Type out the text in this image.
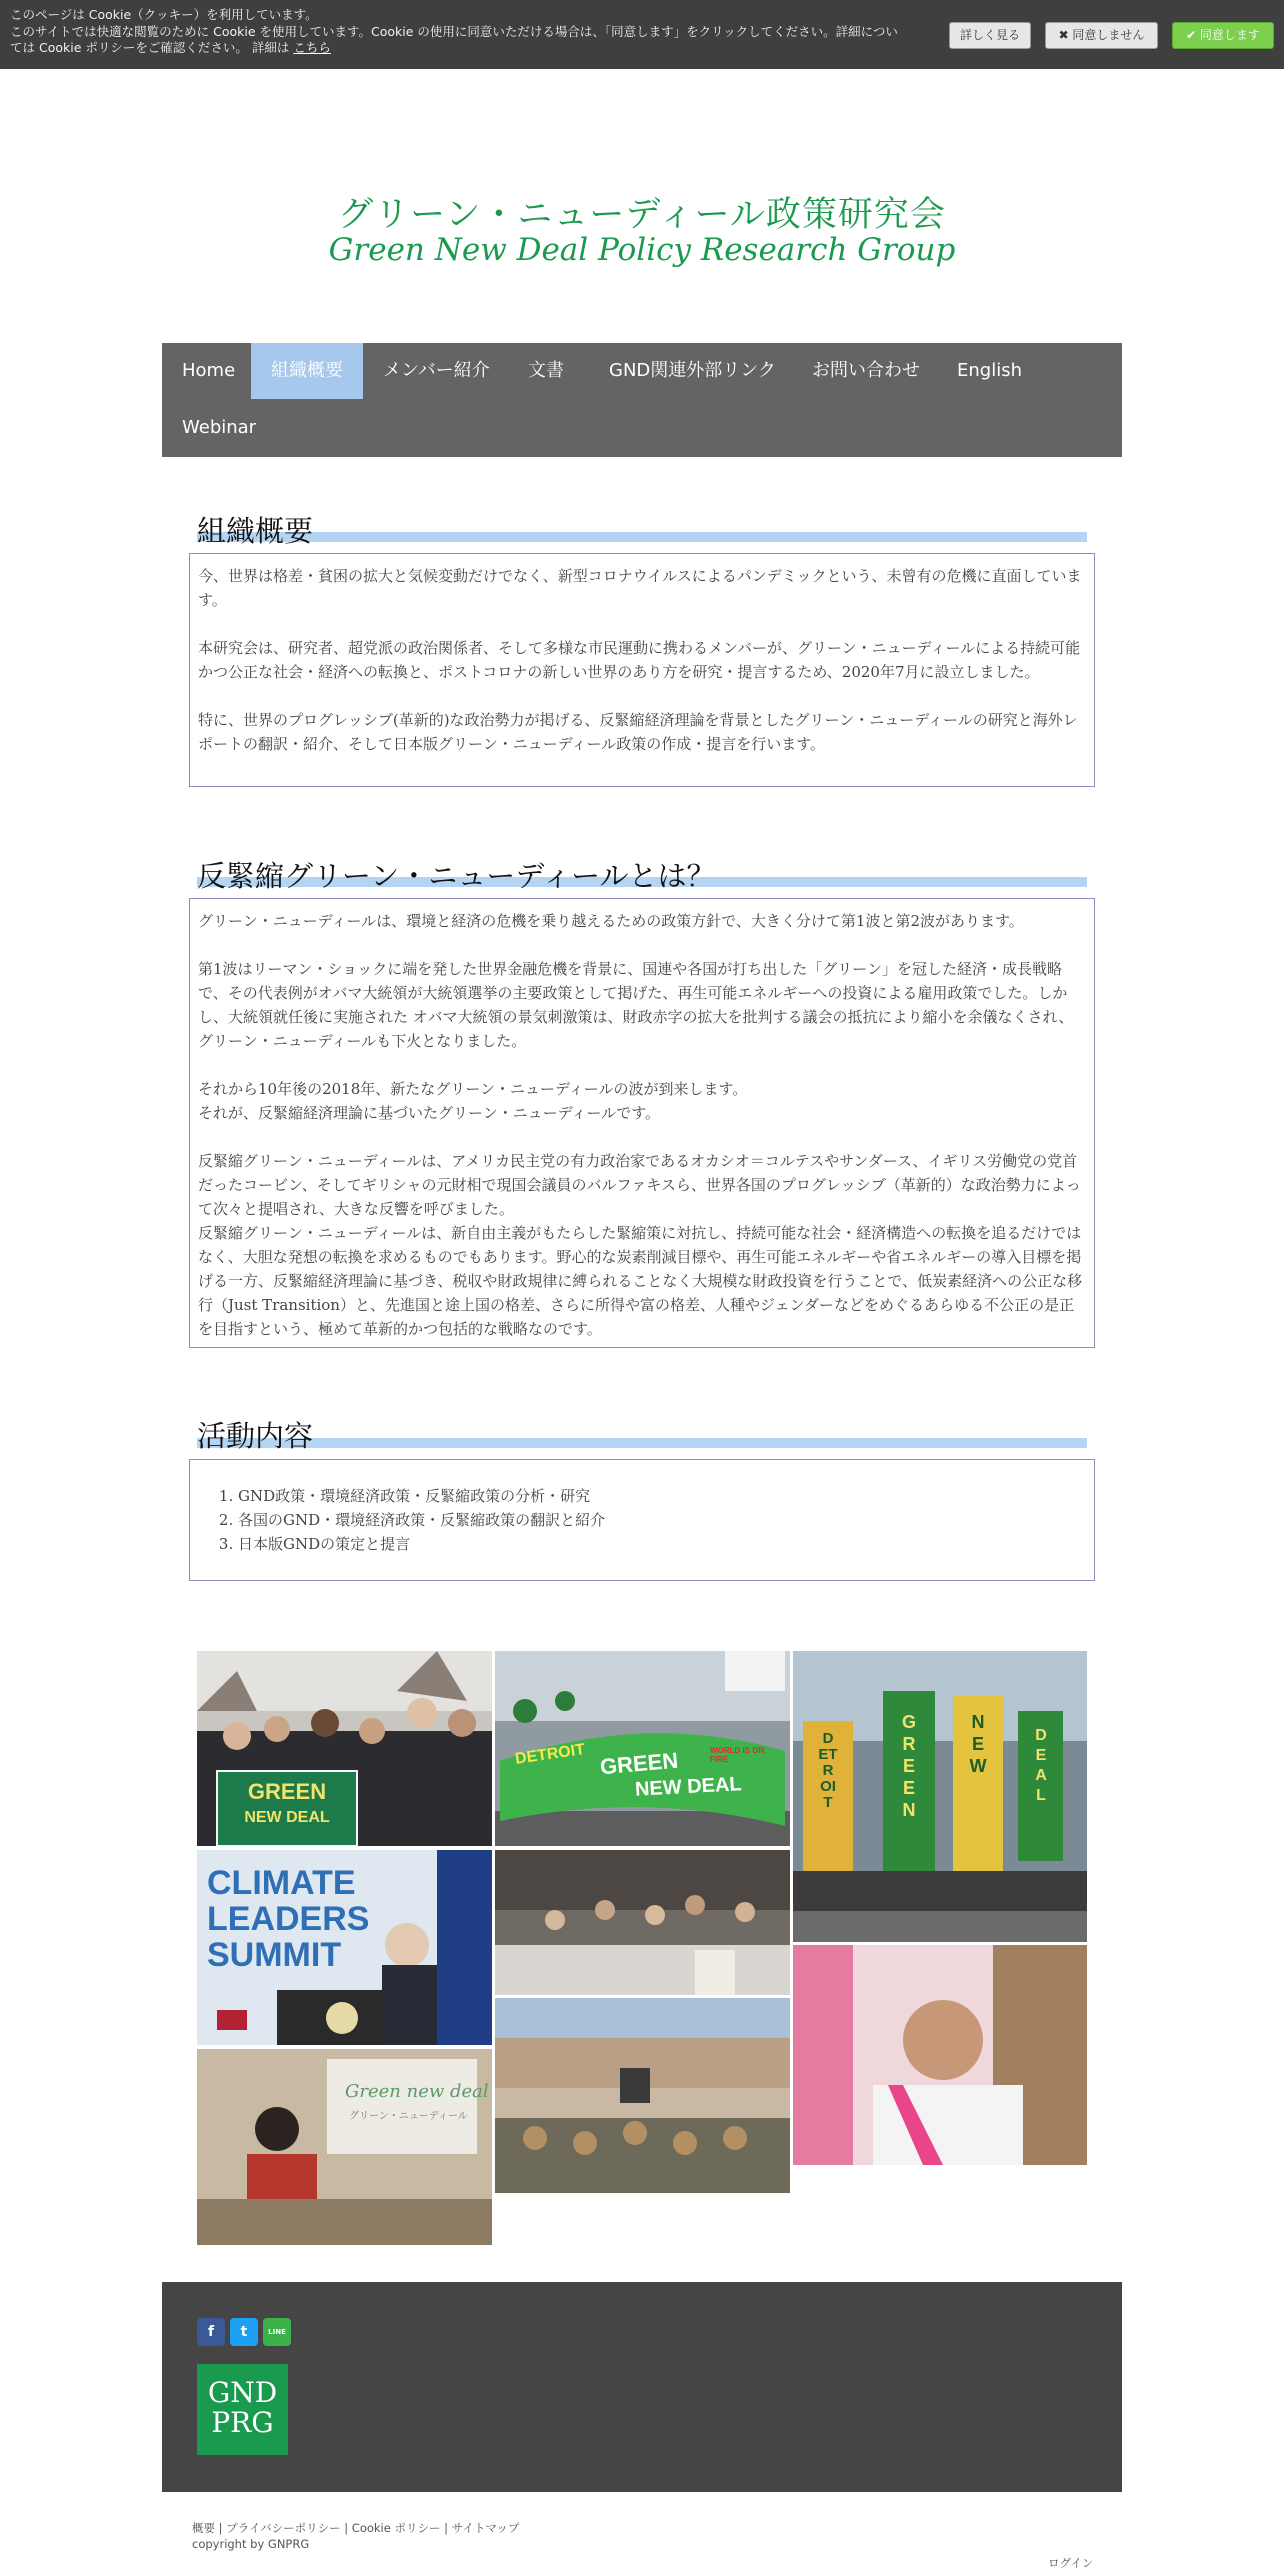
このページは Cookie（クッキー）を利用しています。
このサイトでは快適な閲覧のために Cookie を使用しています。Cookie の使用に同意いただける場合は、「同意します」をクリックしてください。詳細につい
ては Cookie ポリシーをご確認ください。 詳細は こちら
詳しく見る	✖ 同意しません	✔ 同意します
グリーン・ニューディール政策研究会
Green New Deal Policy Research Group
Home	組織概要	メンバー紹介	文書	GND関連外部リンク	お問い合わせ	English
Webinar
組織概要

今、世界は格差・貧困の拡大と気候変動だけでなく、新型コロナウイルスによるパンデミックという、未曾有の危機に直面しています。

本研究会は、研究者、超党派の政治関係者、そして多様な市民運動に携わるメンバーが、グリーン・ニューディールによる持続可能かつ公正な社会・経済への転換と、ポストコロナの新しい世界のあり方を研究・提言するため、2020年7月に設立しました。

特に、世界のプログレッシブ(革新的)な政治勢力が掲げる、反緊縮経済理論を背景としたグリーン・ニューディールの研究と海外レポートの翻訳・紹介、そして日本版グリーン・ニューディール政策の作成・提言を行います。

反緊縮グリーン・ニューディールとは？

グリーン・ニューディールは、環境と経済の危機を乗り越えるための政策方針で、大きく分けて第1波と第2波があります。

第1波はリーマン・ショックに端を発した世界金融危機を背景に、国連や各国が打ち出した「グリーン」を冠した経済・成長戦略で、その代表例がオバマ大統領が大統領選挙の主要政策として掲げた、再生可能エネルギーへの投資による雇用政策でした。しかし、大統領就任後に実施された オバマ大統領の景気刺激策は、財政赤字の拡大を批判する議会の抵抗により縮小を余儀なくされ、グリーン・ニューディールも下火となりました。

それから10年後の2018年、新たなグリーン・ニューディールの波が到来します。

それが、反緊縮経済理論に基づいたグリーン・ニューディールです。

反緊縮グリーン・ニューディールは、アメリカ民主党の有力政治家であるオカシオ＝コルテスやサンダース、イギリス労働党の党首だったコービン、そしてギリシャの元財相で現国会議員のバルファキスら、世界各国のプログレッシブ（革新的）な政治勢力によって次々と提唱され、大きな反響を呼びました。

反緊縮グリーン・ニューディールは、新自由主義がもたらした緊縮策に対抗し、持続可能な社会・経済構造への転換を追るだけではなく、大胆な発想の転換を求めるものでもあります。野心的な炭素削減目標や、再生可能エネルギーや省エネルギーの導入目標を掲げる一方、反緊縮経済理論に基づき、税収や財政規律に縛られることなく大規模な財政投資を行うことで、低炭素経済への公正な移行（Just Transition）と、先進国と途上国の格差、さらに所得や富の格差、人種やジェンダーなどをめぐるあらゆる不公正の是正を目指すという、極めて革新的かつ包括的な戦略なのです。

活動内容
1. GND政策・環境経済政策・反緊縮政策の分析・研究
2. 各国のGND・環境経済政策・反緊縮政策の翻訳と紹介
3. 日本版GNDの策定と提言
GREEN
NEW DEAL
DETROIT GREEN
NEW DEAL
WORLD IS ON FIRE
DETROIT
GREEN
NEW
DEAL
CLIMATE
LEADERS
SUMMIT
Green new deal
グリーン・ニューディール
f	t	LINE
GND
PRG
概要 | プライバシーポリシー | Cookie ポリシー | サイトマップ
copyright by GNPRG
ログイン
